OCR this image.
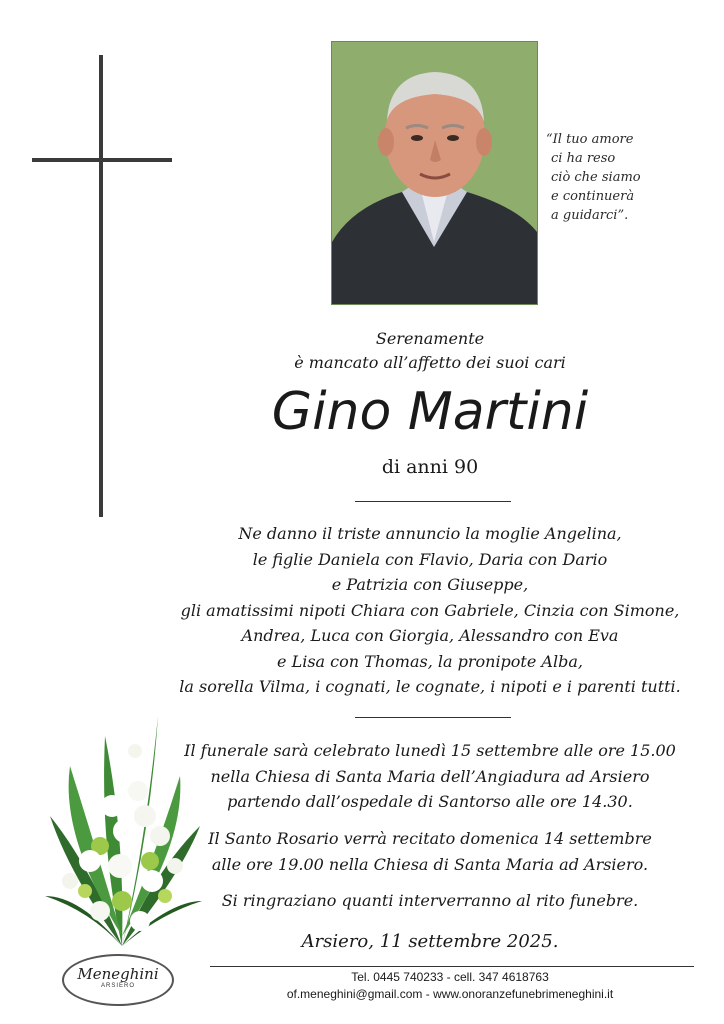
“Il tuo amore
ci ha reso
ciò che siamo
e continuerà
a guidarci”.
Serenamente
è mancato all’affetto dei suoi cari
Gino Martini
di anni 90
Ne danno il triste annuncio la moglie Angelina,
le figlie Daniela con Flavio, Daria con Dario
e Patrizia con Giuseppe,
gli amatissimi nipoti Chiara con Gabriele, Cinzia con Simone,
Andrea, Luca con Giorgia, Alessandro con Eva
e Lisa con Thomas, la pronipote Alba,
la sorella Vilma, i cognati, le cognate, i nipoti e i parenti tutti.
Il funerale sarà celebrato lunedì 15 settembre alle ore 15.00
nella Chiesa di Santa Maria dell’Angiadura ad Arsiero
partendo dall’ospedale di Santorso alle ore 14.30.
Il Santo Rosario verrà recitato domenica 14 settembre
alle ore 19.00 nella Chiesa di Santa Maria ad Arsiero.
Si ringraziano quanti interverranno al rito funebre.
Arsiero, 11 settembre 2025.
Meneghini
ARSIERO
Tel. 0445 740233 - cell. 347 4618763
of.meneghini@gmail.com - www.onoranzefunebrimeneghini.it
